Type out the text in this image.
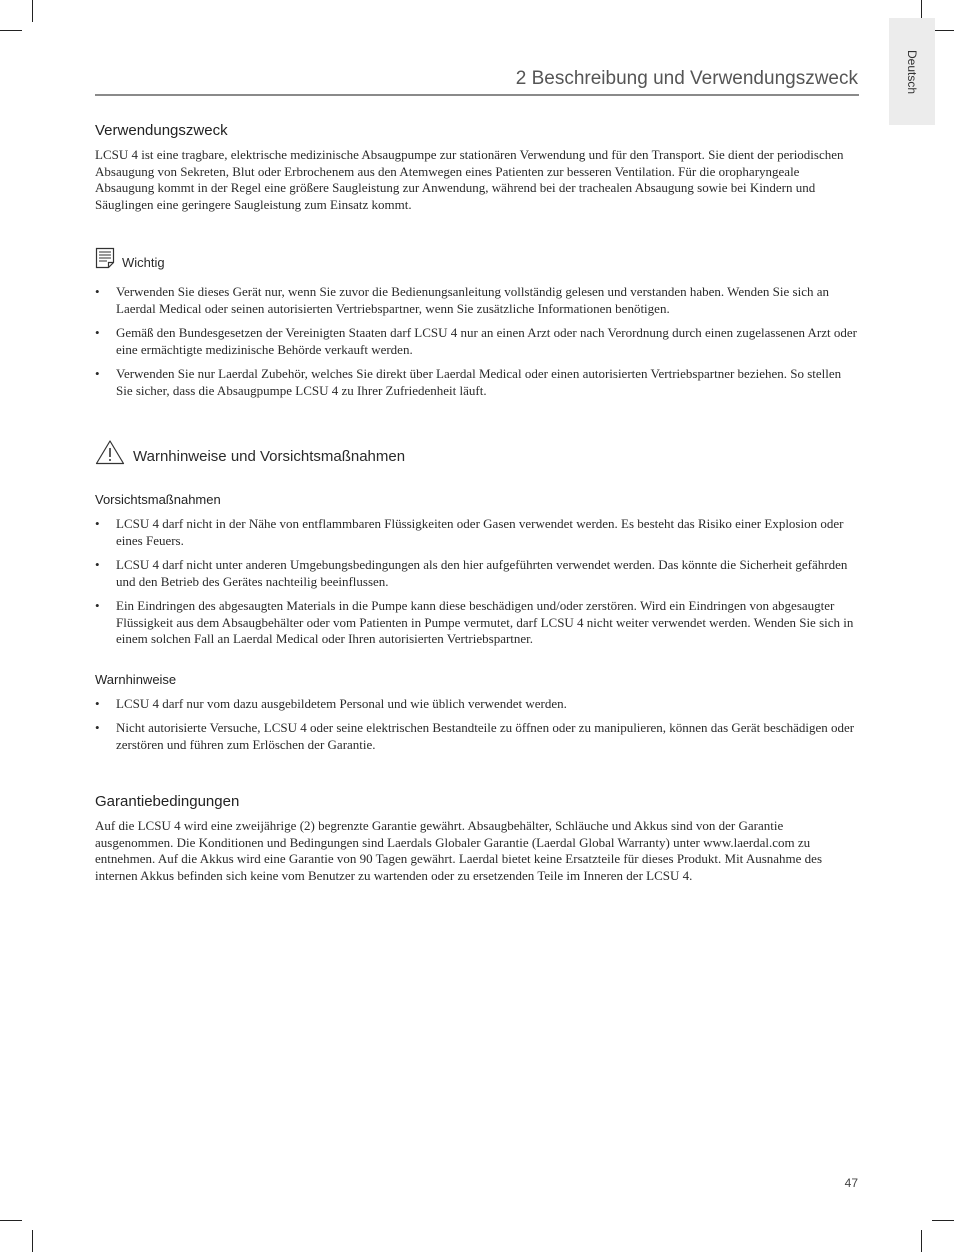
Deutsch
2 Beschreibung und Verwendungszweck
Verwendungszweck

LCSU 4 ist eine tragbare, elektrische medizinische Absaugpumpe zur stationären Verwendung und für den Transport. Sie dient der periodischen Absaugung von Sekreten, Blut oder Erbrochenem aus den Atemwegen eines Patienten zur besseren Ventilation. Für die oropharyngeale Absaugung kommt in der Regel eine größere Saugleistung zur Anwendung, während bei der trachealen Absaugung sowie bei Kindern und Säuglingen eine geringere Saugleistung zum Einsatz kommt.

Wichtig
• Verwenden Sie dieses Gerät nur, wenn Sie zuvor die Bedienungsanleitung vollständig gelesen und verstanden haben. Wenden Sie sich an Laerdal Medical oder seinen autorisierten Vertriebspartner, wenn Sie zusätzliche Informationen benötigen.
• Gemäß den Bundesgesetzen der Vereinigten Staaten darf LCSU 4 nur an einen Arzt oder nach Verordnung durch einen zugelassenen Arzt oder eine ermächtigte medizinische Behörde verkauft werden.
• Verwenden Sie nur Laerdal Zubehör, welches Sie direkt über Laerdal Medical oder einen autorisierten Vertriebspartner beziehen. So stellen Sie sicher, dass die Absaugpumpe LCSU 4 zu Ihrer Zufriedenheit läuft.
Warnhinweise und Vorsichtsmaßnahmen
Vorsichtsmaßnahmen
• LCSU 4 darf nicht in der Nähe von entflammbaren Flüssigkeiten oder Gasen verwendet werden. Es besteht das Risiko einer Explosion oder eines Feuers.
• LCSU 4 darf nicht unter anderen Umgebungsbedingungen als den hier aufgeführten verwendet werden. Das könnte die Sicherheit gefährden und den Betrieb des Gerätes nachteilig beeinflussen.
• Ein Eindringen des abgesaugten Materials in die Pumpe kann diese beschädigen und/oder zerstören. Wird ein Eindringen von abgesaugter Flüssigkeit aus dem Absaugbehälter oder vom Patienten in Pumpe vermutet, darf LCSU 4 nicht weiter verwendet werden. Wenden Sie sich in einem solchen Fall an Laerdal Medical oder Ihren autorisierten Vertriebspartner.
Warnhinweise
• LCSU 4 darf nur vom dazu ausgebildetem Personal und wie üblich verwendet werden.
• Nicht autorisierte Versuche, LCSU 4 oder seine elektrischen Bestandteile zu öffnen oder zu manipulieren, können das Gerät beschädigen oder zerstören und führen zum Erlöschen der Garantie.
Garantiebedingungen

Auf die LCSU 4 wird eine zweijährige (2) begrenzte Garantie gewährt. Absaugbehälter, Schläuche und Akkus sind von der Garantie ausgenommen. Die Konditionen und Bedingungen sind Laerdals Globaler Garantie (Laerdal Global Warranty) unter www.laerdal.com zu entnehmen. Auf die Akkus wird eine Garantie von 90 Tagen gewährt. Laerdal bietet keine Ersatzteile für dieses Produkt. Mit Ausnahme des internen Akkus befinden sich keine vom Benutzer zu wartenden oder zu ersetzenden Teile im Inneren der LCSU 4.

47
